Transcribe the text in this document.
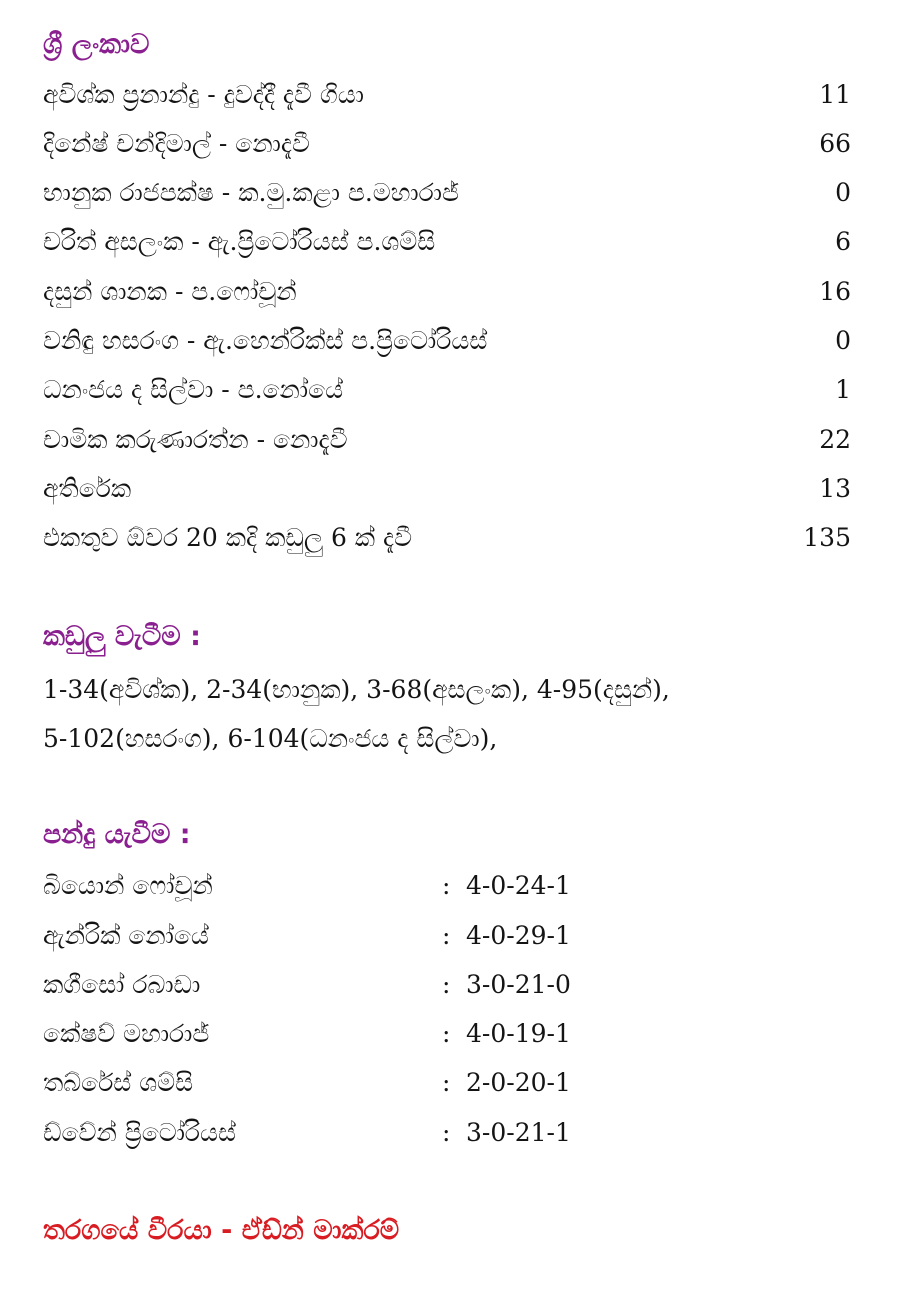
ශ්‍රී ලංකාව
අවිශ්ක ප්‍රනාන්දු - දුවද්දී දැවී ගියා	11
දිනේෂ් චන්දිමාල් - නොදැවී	66
භානුක රාජපක්ෂ - ක.මු.කළා ප.මහාරාජ්	0
චරිත් අසලංක - ඇ.ප්‍රිටෝරියස් ප.ශම්සි	6
දසුන් ශානක - ප.ෆෝචූන්	16
වනිඳු හසරංග - ඇ.හෙන්රික්ස් ප.ප්‍රිටෝරියස්	0
ධනංජය ද සිල්වා - ප.නෝයේ	1
චාමික කරුණාරත්න - නොදැවී	22
අතිරේක	13
එකතුව ඕවර 20 කදි කඩුලු 6 ක් දැවී	135
කඩුලු වැටීම :
1-34(අවිශ්ක), 2-34(භානුක), 3-68(අසලංක), 4-95(දසුන්),
5-102(හසරංග), 6-104(ධනංජය ද සිල්වා),
පන්දු යැවීම :
බියොන් ෆෝචූන්	: 4-0-24-1
ඇන්රික් නෝයේ	: 4-0-29-1
කගීසෝ රබාඩා	: 3-0-21-0
කේෂව් මහාරාජ්	: 4-0-19-1
තබ්රේස් ශම්සි	: 2-0-20-1
ඩ්වේන් ප්‍රිටෝරියස්	: 3-0-21-1
තරගයේ වීරයා - ඒඩ්න් මාක්රම්
